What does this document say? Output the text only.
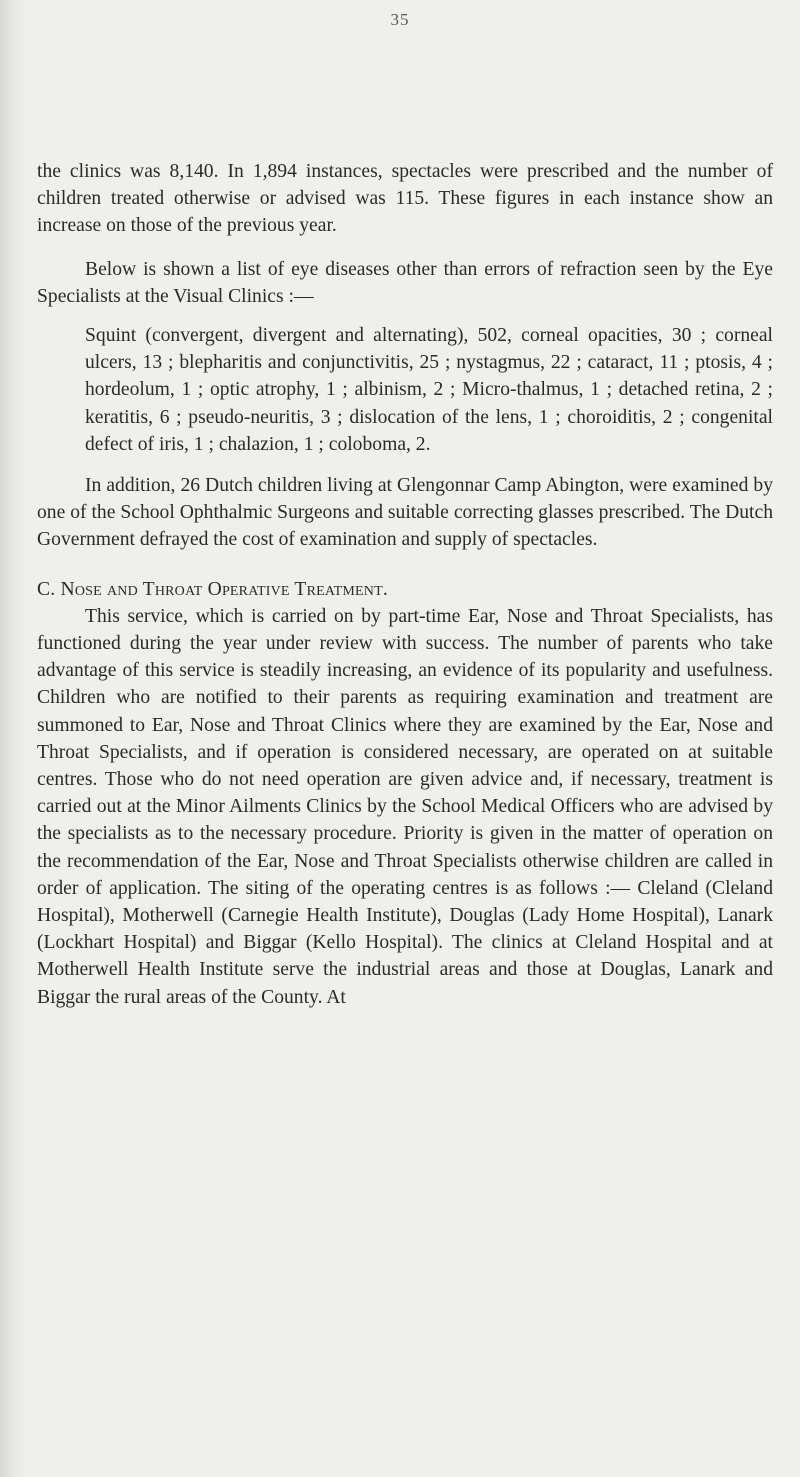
35

the clinics was 8,140. In 1,894 instances, spectacles were prescribed and the number of children treated otherwise or advised was 115. These figures in each instance show an increase on those of the previous year.

Below is shown a list of eye diseases other than errors of refraction seen by the Eye Specialists at the Visual Clinics :—

Squint (convergent, divergent and alternating), 502, corneal opacities, 30 ; corneal ulcers, 13 ; blepharitis and conjunctivitis, 25 ; nystagmus, 22 ; cataract, 11 ; ptosis, 4 ; hordeolum, 1 ; optic atrophy, 1 ; albinism, 2 ; Micro-thalmus, 1 ; detached retina, 2 ; keratitis, 6 ; pseudo-neuritis, 3 ; dislocation of the lens, 1 ; choroiditis, 2 ; congenital defect of iris, 1 ; chalazion, 1 ; coloboma, 2.

In addition, 26 Dutch children living at Glengonnar Camp Abington, were examined by one of the School Ophthalmic Surgeons and suitable correcting glasses prescribed. The Dutch Government defrayed the cost of examination and supply of spectacles.

C. Nose and Throat Operative Treatment.

This service, which is carried on by part-time Ear, Nose and Throat Specialists, has functioned during the year under review with success. The number of parents who take advantage of this service is steadily increasing, an evidence of its popularity and usefulness. Children who are notified to their parents as requiring examination and treatment are summoned to Ear, Nose and Throat Clinics where they are examined by the Ear, Nose and Throat Specialists, and if operation is considered necessary, are operated on at suitable centres. Those who do not need operation are given advice and, if necessary, treatment is carried out at the Minor Ailments Clinics by the School Medical Officers who are advised by the specialists as to the necessary procedure. Priority is given in the matter of operation on the recommendation of the Ear, Nose and Throat Specialists otherwise children are called in order of application. The siting of the operating centres is as follows :— Cleland (Cleland Hospital), Motherwell (Carnegie Health Institute), Douglas (Lady Home Hospital), Lanark (Lockhart Hospital) and Biggar (Kello Hospital). The clinics at Cleland Hospital and at Motherwell Health Institute serve the industrial areas and those at Douglas, Lanark and Biggar the rural areas of the County. At
